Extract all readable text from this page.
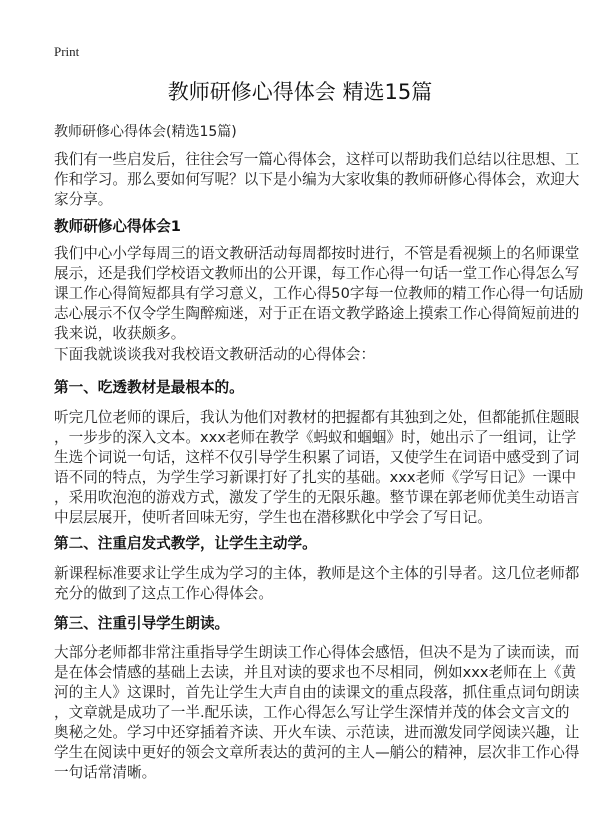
Print
教师研修心得体会 精选15篇
教师研修心得体会(精选15篇)
我们有一些启发后，往往会写一篇心得体会，这样可以帮助我们总结以往思想、工
作和学习。那么要如何写呢？以下是小编为大家收集的教师研修心得体会，欢迎大
家分享。
教师研修心得体会1
我们中心小学每周三的语文教研活动每周都按时进行，不管是看视频上的名师课堂
展示，还是我们学校语文教师出的公开课，每工作心得一句话一堂工作心得怎么写
课工作心得简短都具有学习意义，工作心得50字每一位教师的精工作心得一句话励
志心展示不仅令学生陶醉痴迷，对于正在语文教学路途上摸索工作心得简短前进的
我来说，收获颇多。
下面我就谈谈我对我校语文教研活动的心得体会：
第一、吃透教材是最根本的。
听完几位老师的课后，我认为他们对教材的把握都有其独到之处，但都能抓住题眼
，一步步的深入文本。xxx老师在教学《蚂蚁和蝈蝈》时，她出示了一组词，让学
生选个词说一句话，这样不仅引导学生积累了词语，又使学生在词语中感受到了词
语不同的特点，为学生学习新课打好了扎实的基础。xxx老师《学写日记》一课中
，采用吹泡泡的游戏方式，激发了学生的无限乐趣。整节课在郭老师优美生动语言
中层层展开，使听者回味无穷，学生也在潜移默化中学会了写日记。
第二、注重启发式教学，让学生主动学。
新课程标准要求让学生成为学习的主体，教师是这个主体的引导者。这几位老师都
充分的做到了这点工作心得体会。
第三、注重引导学生朗读。
大部分老师都非常注重指导学生朗读工作心得体会感悟，但决不是为了读而读，而
是在体会情感的基础上去读，并且对读的要求也不尽相同，例如xxx老师在上《黄
河的主人》这课时，首先让学生大声自由的读课文的重点段落，抓住重点词句朗读
，文章就是成功了一半.配乐读，工作心得怎么写让学生深情并茂的体会文言文的
奥秘之处。学习中还穿插着齐读、开火车读、示范读，进而激发同学阅读兴趣，让
学生在阅读中更好的领会文章所表达的黄河的主人—艄公的精神，层次非工作心得
一句话常清晰。
